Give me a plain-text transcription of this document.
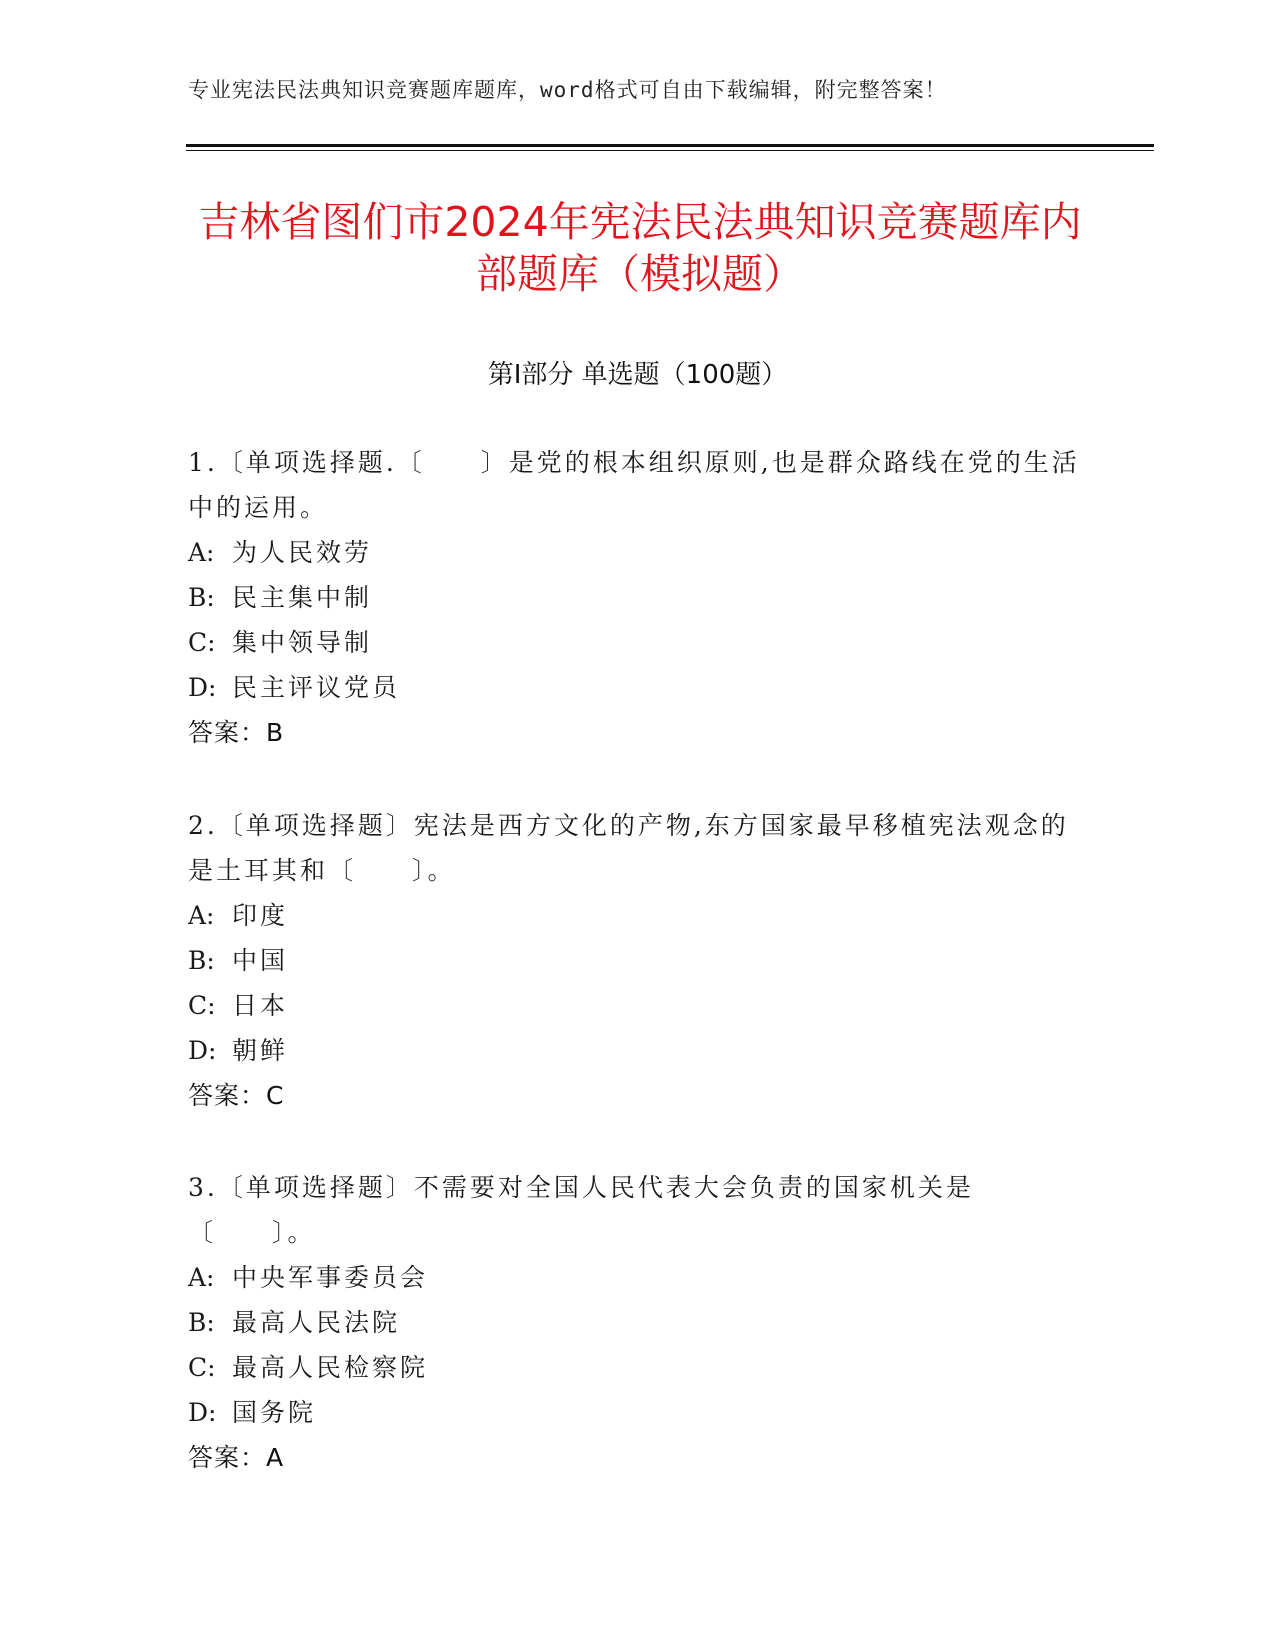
专业宪法民法典知识竞赛题库题库，word格式可自由下载编辑，附完整答案！
吉林省图们市2024年宪法民法典知识竞赛题库内部题库（模拟题）
第Ⅰ部分 单选题（100题）

1.〔单项选择题.〔　　〕是党的根本组织原则,也是群众路线在党的生活中的运用。

A: 为人民效劳

B: 民主集中制

C: 集中领导制

D: 民主评议党员

答案：B

2.〔单项选择题〕宪法是西方文化的产物,东方国家最早移植宪法观念的是土耳其和〔　　〕。

A: 印度

B: 中国

C: 日本

D: 朝鲜

答案：C

3.〔单项选择题〕不需要对全国人民代表大会负责的国家机关是〔　　〕。

A: 中央军事委员会

B: 最高人民法院

C: 最高人民检察院

D: 国务院

答案：A
